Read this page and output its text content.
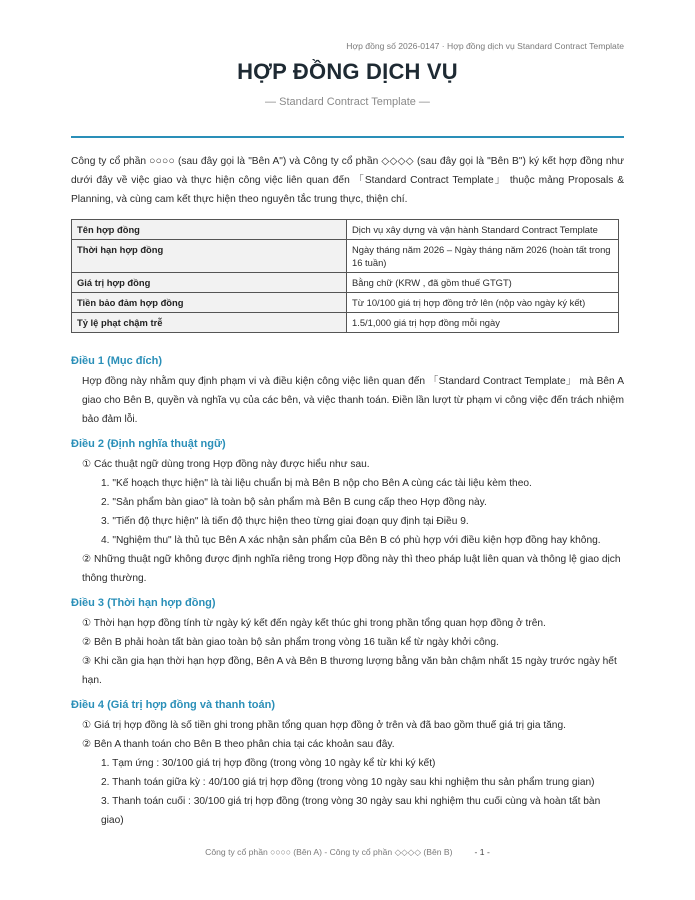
Hợp đồng số 2026-0147 · Hợp đồng dịch vụ Standard Contract Template
HỢP ĐỒNG DỊCH VỤ
— Standard Contract Template —
Công ty cổ phần ○○○○ (sau đây gọi là "Bên A") và Công ty cổ phần ◇◇◇◇ (sau đây gọi là "Bên B") ký kết hợp đồng như dưới đây về việc giao và thực hiện công việc liên quan đến 「Standard Contract Template」 thuộc mảng Proposals & Planning, và cùng cam kết thực hiện theo nguyên tắc trung thực, thiện chí.
Tên hợp đồng	Dịch vụ xây dựng và vận hành Standard Contract Template
Thời hạn hợp đồng	Ngày tháng năm 2026 – Ngày tháng năm 2026 (hoàn tất trong 16 tuần)
Giá trị hợp đồng	Bằng chữ (KRW , đã gồm thuế GTGT)
Tiền bảo đảm hợp đồng	Từ 10/100 giá trị hợp đồng trở lên (nộp vào ngày ký kết)
Tỷ lệ phạt chậm trễ	1.5/1,000 giá trị hợp đồng mỗi ngày
Điều 1 (Mục đích)
Hợp đồng này nhằm quy định phạm vi và điều kiện công việc liên quan đến 「Standard Contract Template」 mà Bên A giao cho Bên B, quyền và nghĩa vụ của các bên, và việc thanh toán. Điền lần lượt từ phạm vi công việc đến trách nhiệm bảo đảm lỗi.
Điều 2 (Định nghĩa thuật ngữ)
① Các thuật ngữ dùng trong Hợp đồng này được hiểu như sau.
1. "Kế hoạch thực hiện" là tài liệu chuẩn bị mà Bên B nộp cho Bên A cùng các tài liệu kèm theo.
2. "Sản phẩm bàn giao" là toàn bộ sản phẩm mà Bên B cung cấp theo Hợp đồng này.
3. "Tiến độ thực hiện" là tiến độ thực hiện theo từng giai đoạn quy định tại Điều 9.
4. "Nghiệm thu" là thủ tục Bên A xác nhận sản phẩm của Bên B có phù hợp với điều kiện hợp đồng hay không.
② Những thuật ngữ không được định nghĩa riêng trong Hợp đồng này thì theo pháp luật liên quan và thông lệ giao dịch thông thường.
Điều 3 (Thời hạn hợp đồng)
① Thời hạn hợp đồng tính từ ngày ký kết đến ngày kết thúc ghi trong phần tổng quan hợp đồng ở trên.
② Bên B phải hoàn tất bàn giao toàn bộ sản phẩm trong vòng 16 tuần kể từ ngày khởi công.
③ Khi cần gia hạn thời hạn hợp đồng, Bên A và Bên B thương lượng bằng văn bản chậm nhất 15 ngày trước ngày hết hạn.
Điều 4 (Giá trị hợp đồng và thanh toán)
① Giá trị hợp đồng là số tiền ghi trong phần tổng quan hợp đồng ở trên và đã bao gồm thuế giá trị gia tăng.
② Bên A thanh toán cho Bên B theo phân chia tại các khoản sau đây.
1. Tạm ứng : 30/100 giá trị hợp đồng (trong vòng 10 ngày kể từ khi ký kết)
2. Thanh toán giữa kỳ : 40/100 giá trị hợp đồng (trong vòng 10 ngày sau khi nghiệm thu sản phẩm trung gian)
3. Thanh toán cuối : 30/100 giá trị hợp đồng (trong vòng 30 ngày sau khi nghiệm thu cuối cùng và hoàn tất bàn giao)
Công ty cổ phần ○○○○ (Bên A) - Công ty cổ phần ◇◇◇◇ (Bên B)	- 1 -
